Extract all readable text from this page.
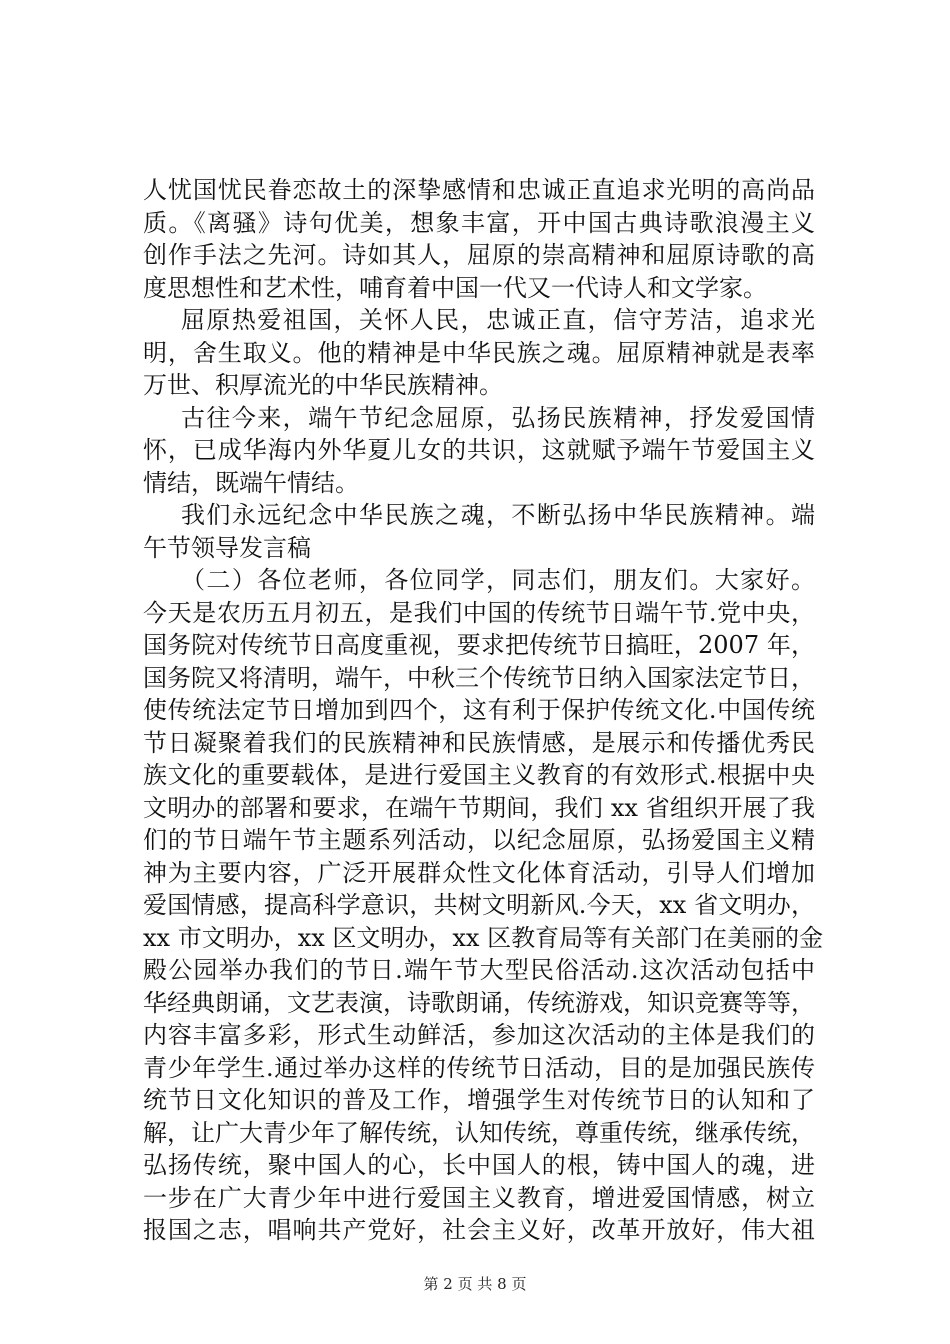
人忧国忧民眷恋故土的深挚感情和忠诚正直追求光明的高尚品
质。《离骚》诗句优美，想象丰富，开中国古典诗歌浪漫主义
创作手法之先河。诗如其人，屈原的崇高精神和屈原诗歌的高
度思想性和艺术性，哺育着中国一代又一代诗人和文学家。
屈原热爱祖国，关怀人民，忠诚正直，信守芳洁，追求光
明，舍生取义。他的精神是中华民族之魂。屈原精神就是表率
万世、积厚流光的中华民族精神。
古往今来，端午节纪念屈原，弘扬民族精神，抒发爱国情
怀，已成华海内外华夏儿女的共识，这就赋予端午节爱国主义
情结，既端午情结。
我们永远纪念中华民族之魂，不断弘扬中华民族精神。端
午节领导发言稿
（二）各位老师，各位同学，同志们，朋友们。大家好。
今天是农历五月初五，是我们中国的传统节日端午节.党中央，
国务院对传统节日高度重视，要求把传统节日搞旺，2007 年，
国务院又将清明，端午，中秋三个传统节日纳入国家法定节日，
使传统法定节日增加到四个，这有利于保护传统文化.中国传统
节日凝聚着我们的民族精神和民族情感，是展示和传播优秀民
族文化的重要载体，是进行爱国主义教育的有效形式.根据中央
文明办的部署和要求，在端午节期间，我们 xx 省组织开展了我
们的节日端午节主题系列活动，以纪念屈原，弘扬爱国主义精
神为主要内容，广泛开展群众性文化体育活动，引导人们增加
爱国情感，提高科学意识，共树文明新风.今天，xx 省文明办，
xx 市文明办，xx 区文明办，xx 区教育局等有关部门在美丽的金
殿公园举办我们的节日.端午节大型民俗活动.这次活动包括中
华经典朗诵，文艺表演，诗歌朗诵，传统游戏，知识竞赛等等，
内容丰富多彩，形式生动鲜活，参加这次活动的主体是我们的
青少年学生.通过举办这样的传统节日活动，目的是加强民族传
统节日文化知识的普及工作，增强学生对传统节日的认知和了
解，让广大青少年了解传统，认知传统，尊重传统，继承传统，
弘扬传统，聚中国人的心，长中国人的根，铸中国人的魂，进
一步在广大青少年中进行爱国主义教育，增进爱国情感，树立
报国之志，唱响共产党好，社会主义好，改革开放好，伟大祖
第 2 页 共 8 页
